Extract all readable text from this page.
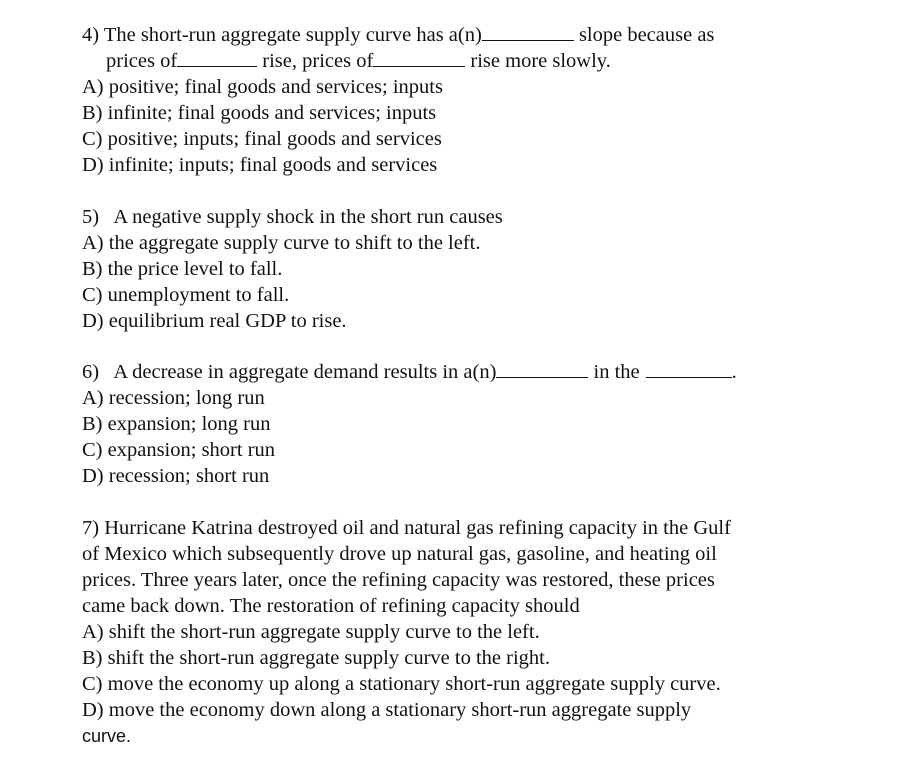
4) The short-run aggregate supply curve has a(n)	slope because as
prices of	rise, prices of	rise more slowly.
A) positive; final goods and services; inputs
B) infinite; final goods and services; inputs
C) positive; inputs; final goods and services
D) infinite; inputs; final goods and services
5)   A negative supply shock in the short run causes
A) the aggregate supply curve to shift to the left.
B) the price level to fall.
C) unemployment to fall.
D) equilibrium real GDP to rise.
6)   A decrease in aggregate demand results in a(n)	in the	.
A) recession; long run
B) expansion; long run
C) expansion; short run
D) recession; short run
7) Hurricane Katrina destroyed oil and natural gas refining capacity in the Gulf
of Mexico which subsequently drove up natural gas, gasoline, and heating oil
prices. Three years later, once the refining capacity was restored, these prices
came back down. The restoration of refining capacity should
A) shift the short-run aggregate supply curve to the left.
B) shift the short-run aggregate supply curve to the right.
C) move the economy up along a stationary short-run aggregate supply curve.
D) move the economy down along a stationary short-run aggregate supply
curve.
